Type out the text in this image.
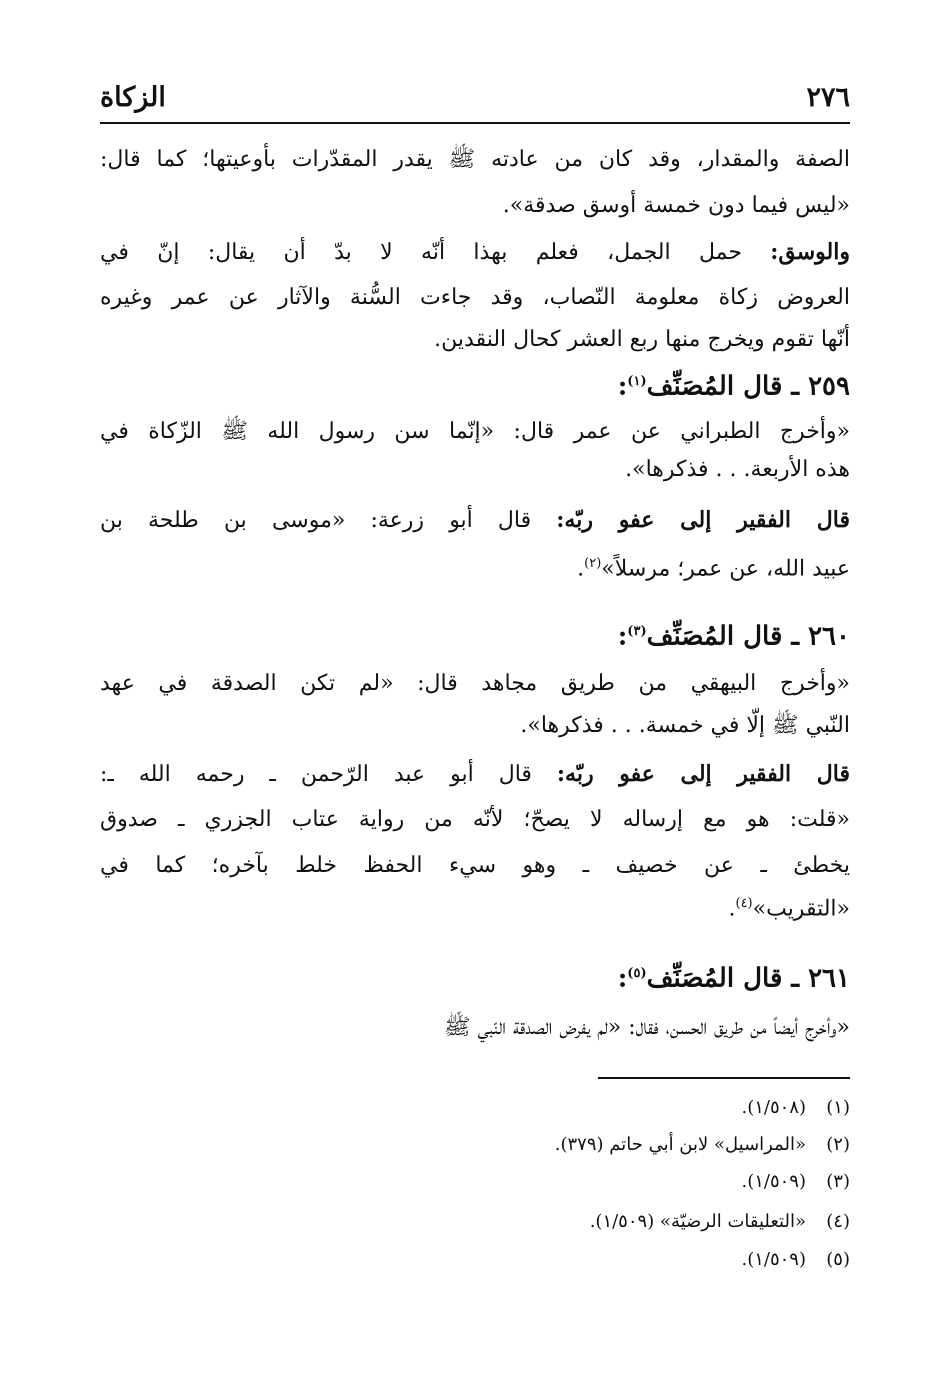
٢٧٦
الزكاة
الصفة والمقدار، وقد كان من عادته ﷺ يقدر المقدّرات بأوعيتها؛ كما قال:
«ليس فيما دون خمسة أوسق صدقة».
والوسق: حمل الجمل، فعلم بهذا أنّه لا بدّ أن يقال: إنّ في
العروض زكاة معلومة النّصاب، وقد جاءت السُّنة والآثار عن عمر وغيره
أنّها تقوم ويخرج منها ربع العشر كحال النقدين.
٢٥٩ ـ قال المُصَنِّف$^{(١)}$:
«وأخرج الطبراني عن عمر قال: «إنّما سن رسول الله ﷺ الزّكاة في
هذه الأربعة. . . فذكرها».
قال الفقير إلى عفو ربّه: قال أبو زرعة: «موسى بن طلحة بن
عبيد الله، عن عمر؛ مرسلاً»$^{(٢)}$.
٢٦٠ ـ قال المُصَنِّف$^{(٣)}$:
«وأخرج البيهقي من طريق مجاهد قال: «لم تكن الصدقة في عهد
النّبي ﷺ إلّا في خمسة. . . فذكرها».
قال الفقير إلى عفو ربّه: قال أبو عبد الرّحمن ـ رحمه الله ـ:
«قلت: هو مع إرساله لا يصحّ؛ لأنّه من رواية عتاب الجزري ـ صدوق
يخطئ ـ عن خصيف ـ وهو سيء الحفظ خلط بآخره؛ كما في
«التقريب»$^{(٤)}$.
٢٦١ ـ قال المُصَنِّف$^{(٥)}$:
«وأخرج أيضاً من طريق الحسن، فقال: «لم يفرض الصدقة النّبي ﷺ
(١)(١/٥٠٨).
(٢)«المراسيل» لابن أبي حاتم (٣٧٩).
(٣)(١/٥٠٩).
(٤)«التعليقات الرضيّة» (١/٥٠٩).
(٥)(١/٥٠٩).
